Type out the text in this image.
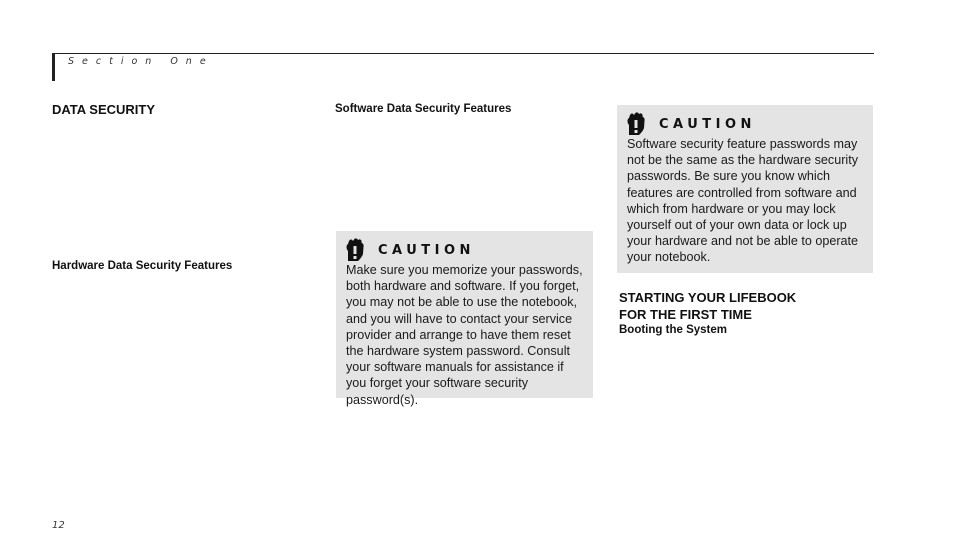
Section One
DATA SECURITY
Hardware Data Security Features
Software Data Security Features
CAUTION
Make sure you memorize your passwords, both hardware and software. If you forget, you may not be able to use the notebook, and you will have to contact your service provider and arrange to have them reset the hardware system password. Consult your software manuals for assistance if you forget your software security password(s).
CAUTION
Software security feature passwords may not be the same as the hardware security passwords. Be sure you know which features are controlled from software and which from hardware or you may lock yourself out of your own data or lock up your hardware and not be able to operate your notebook.
STARTING YOUR LIFEBOOK
FOR THE FIRST TIME
Booting the System
12
